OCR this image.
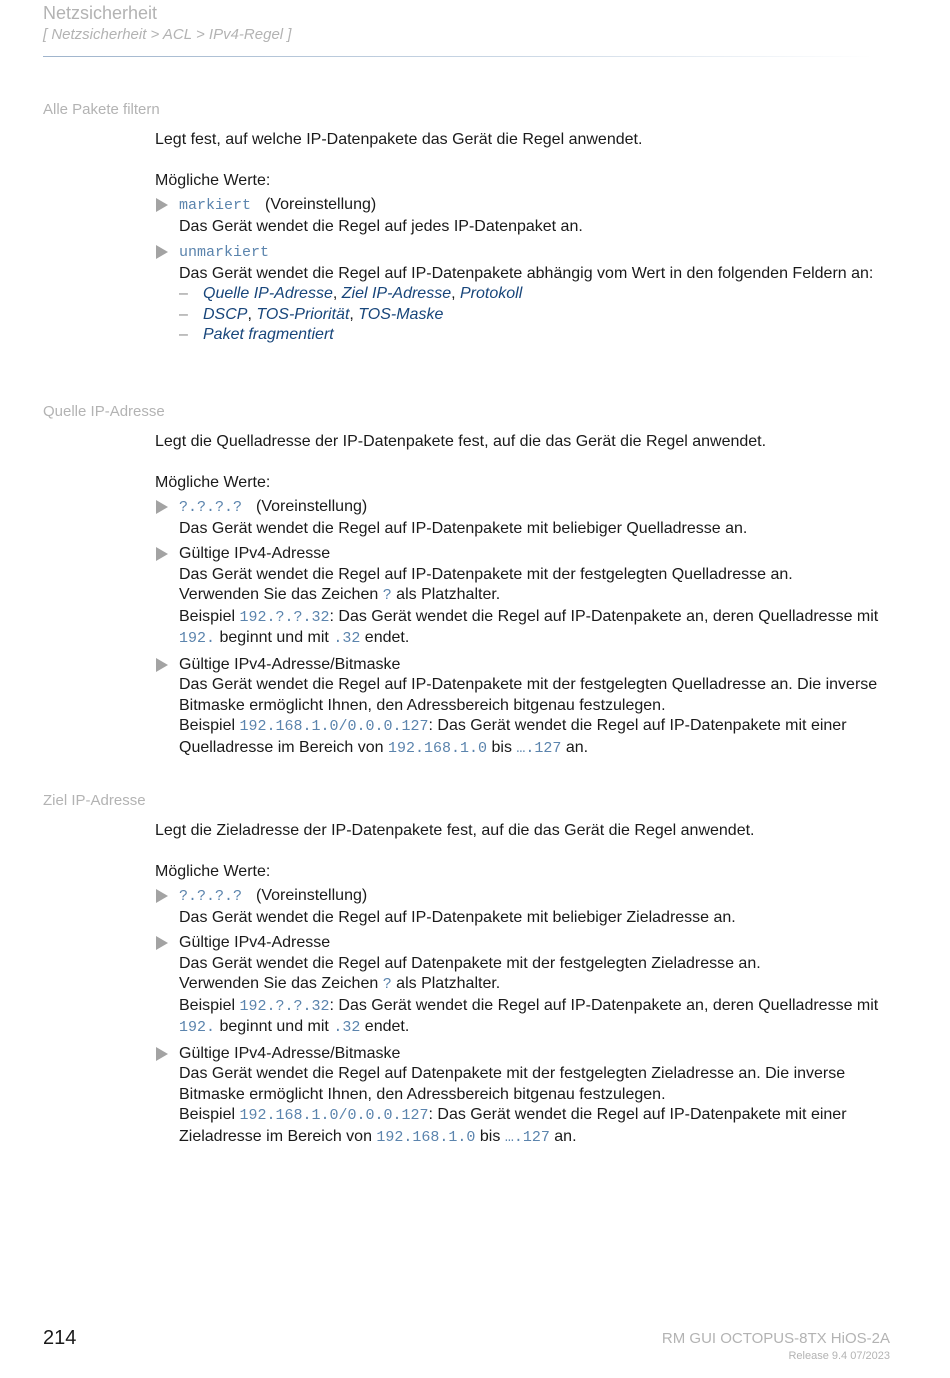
Netzsicherheit
[ Netzsicherheit > ACL > IPv4-Regel ]
Alle Pakete filtern

Legt fest, auf welche IP-Datenpakete das Gerät die Regel anwendet.

Mögliche Werte:
markiert (Voreinstellung)
Das Gerät wendet die Regel auf jedes IP-Datenpaket an.
unmarkiert
Das Gerät wendet die Regel auf IP-Datenpakete abhängig vom Wert in den folgenden Feldern an:
– Quelle IP-Adresse, Ziel IP-Adresse, Protokoll
– DSCP, TOS-Priorität, TOS-Maske
– Paket fragmentiert
Quelle IP-Adresse

Legt die Quelladresse der IP-Datenpakete fest, auf die das Gerät die Regel anwendet.

Mögliche Werte:
?.?.?.? (Voreinstellung)
Das Gerät wendet die Regel auf IP-Datenpakete mit beliebiger Quelladresse an.
Gültige IPv4-Adresse
Das Gerät wendet die Regel auf IP-Datenpakete mit der festgelegten Quelladresse an.
Verwenden Sie das Zeichen ? als Platzhalter.
Beispiel 192.?.?.32: Das Gerät wendet die Regel auf IP-Datenpakete an, deren Quelladresse mit 192. beginnt und mit .32 endet.
Gültige IPv4-Adresse/Bitmaske
Das Gerät wendet die Regel auf IP-Datenpakete mit der festgelegten Quelladresse an. Die inverse Bitmaske ermöglicht Ihnen, den Adressbereich bitgenau festzulegen.
Beispiel 192.168.1.0/0.0.0.127: Das Gerät wendet die Regel auf IP-Datenpakete mit einer Quelladresse im Bereich von 192.168.1.0 bis ….127 an.
Ziel IP-Adresse

Legt die Zieladresse der IP-Datenpakete fest, auf die das Gerät die Regel anwendet.

Mögliche Werte:
?.?.?.? (Voreinstellung)
Das Gerät wendet die Regel auf IP-Datenpakete mit beliebiger Zieladresse an.
Gültige IPv4-Adresse
Das Gerät wendet die Regel auf Datenpakete mit der festgelegten Zieladresse an.
Verwenden Sie das Zeichen ? als Platzhalter.
Beispiel 192.?.?.32: Das Gerät wendet die Regel auf IP-Datenpakete an, deren Quelladresse mit 192. beginnt und mit .32 endet.
Gültige IPv4-Adresse/Bitmaske
Das Gerät wendet die Regel auf Datenpakete mit der festgelegten Zieladresse an. Die inverse Bitmaske ermöglicht Ihnen, den Adressbereich bitgenau festzulegen.
Beispiel 192.168.1.0/0.0.0.127: Das Gerät wendet die Regel auf IP-Datenpakete mit einer Zieladresse im Bereich von 192.168.1.0 bis ….127 an.
214	RM GUI OCTOPUS-8TX HiOS-2A
Release 9.4 07/2023
